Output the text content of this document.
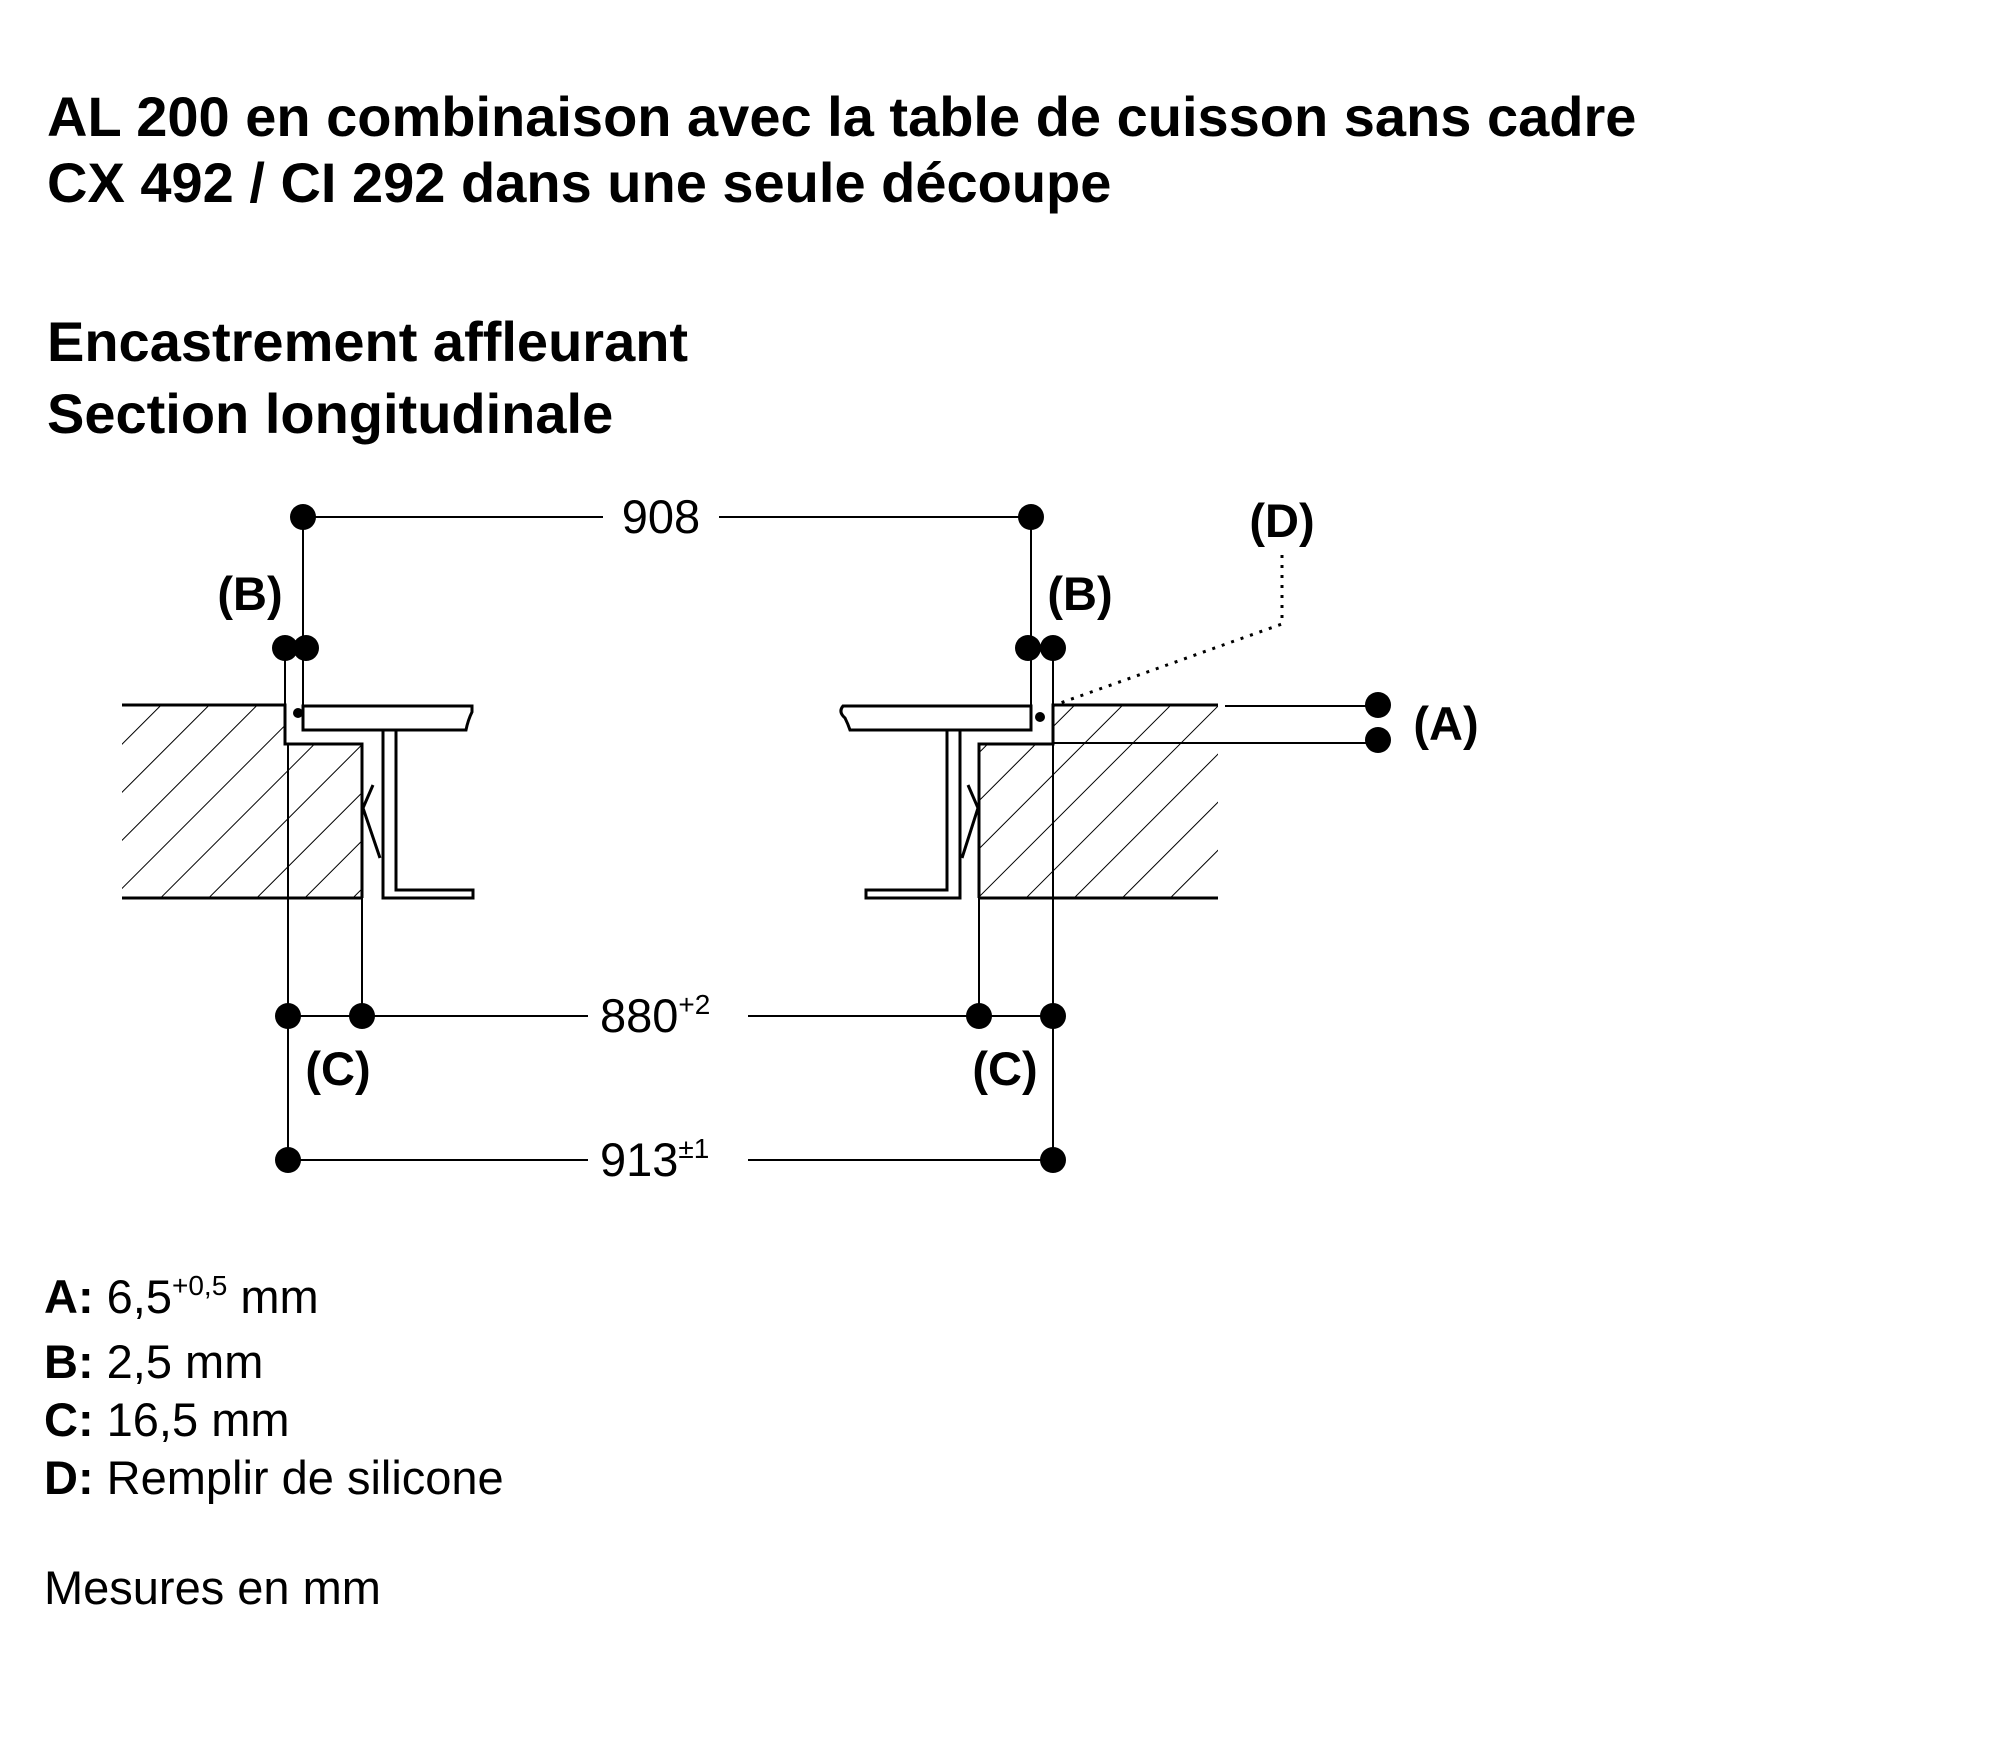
AL 200 en combinaison avec la table de cuisson sans cadre
CX 492 / CI 292 dans une seule découpe
Encastrement affleurant
Section longitudinale
908
(B)	(B)
(D)
(A)
$880^{+2}$
(C)	(C)
$913^{\pm 1}$
A: $6,5^{+0,5}$ mm
B: 2,5 mm
C: 16,5 mm
D: Remplir de silicone
Mesures en mm
